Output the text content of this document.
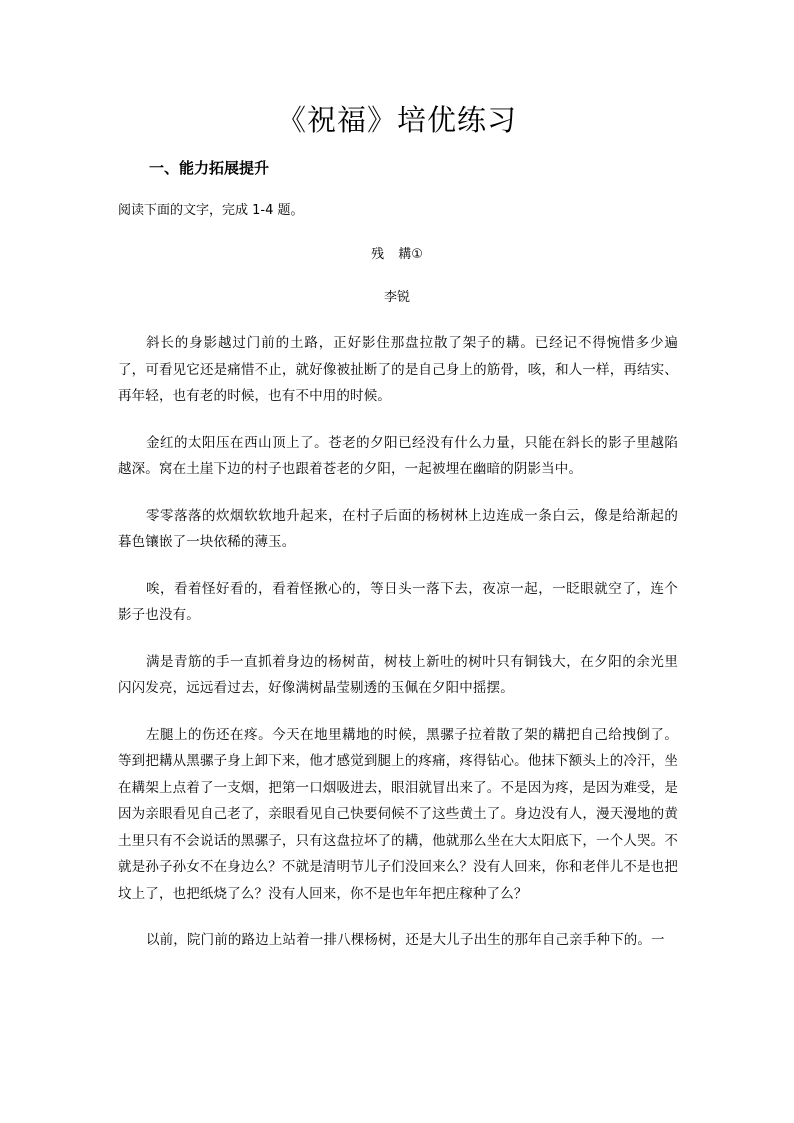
《祝福》培优练习
一、能力拓展提升
阅读下面的文字，完成 1-4 题。
残 耩①
李锐

斜长的身影越过门前的土路，正好影住那盘拉散了架子的耩。已经记不得惋惜多少遍了，可看见它还是痛惜不止，就好像被扯断了的是自己身上的筋骨，咳，和人一样，再结实、再年轻，也有老的时候，也有不中用的时候。

金红的太阳压在西山顶上了。苍老的夕阳已经没有什么力量，只能在斜长的影子里越陷越深。窝在土崖下边的村子也跟着苍老的夕阳，一起被埋在幽暗的阴影当中。

零零落落的炊烟软软地升起来，在村子后面的杨树林上边连成一条白云，像是给渐起的暮色镶嵌了一块依稀的薄玉。

唉，看着怪好看的，看着怪揪心的，等日头一落下去，夜凉一起，一眨眼就空了，连个影子也没有。

满是青筋的手一直抓着身边的杨树苗，树枝上新吐的树叶只有铜钱大，在夕阳的余光里闪闪发亮，远远看过去，好像满树晶莹剔透的玉佩在夕阳中摇摆。

左腿上的伤还在疼。今天在地里耩地的时候，黑骡子拉着散了架的耩把自己给拽倒了。等到把耩从黑骡子身上卸下来，他才感觉到腿上的疼痛，疼得钻心。他抹下额头上的冷汗，坐在耩架上点着了一支烟，把第一口烟吸进去，眼泪就冒出来了。不是因为疼，是因为难受，是因为亲眼看见自己老了，亲眼看见自己快要伺候不了这些黄土了。身边没有人，漫天漫地的黄土里只有不会说话的黑骡子，只有这盘拉坏了的耩，他就那么坐在大太阳底下，一个人哭。不就是孙子孙女不在身边么？不就是清明节儿子们没回来么？没有人回来，你和老伴儿不是也把坟上了，也把纸烧了么？没有人回来，你不是也年年把庄稼种了么？

以前，院门前的路边上站着一排八棵杨树，还是大儿子出生的那年自己亲手种下的。一
